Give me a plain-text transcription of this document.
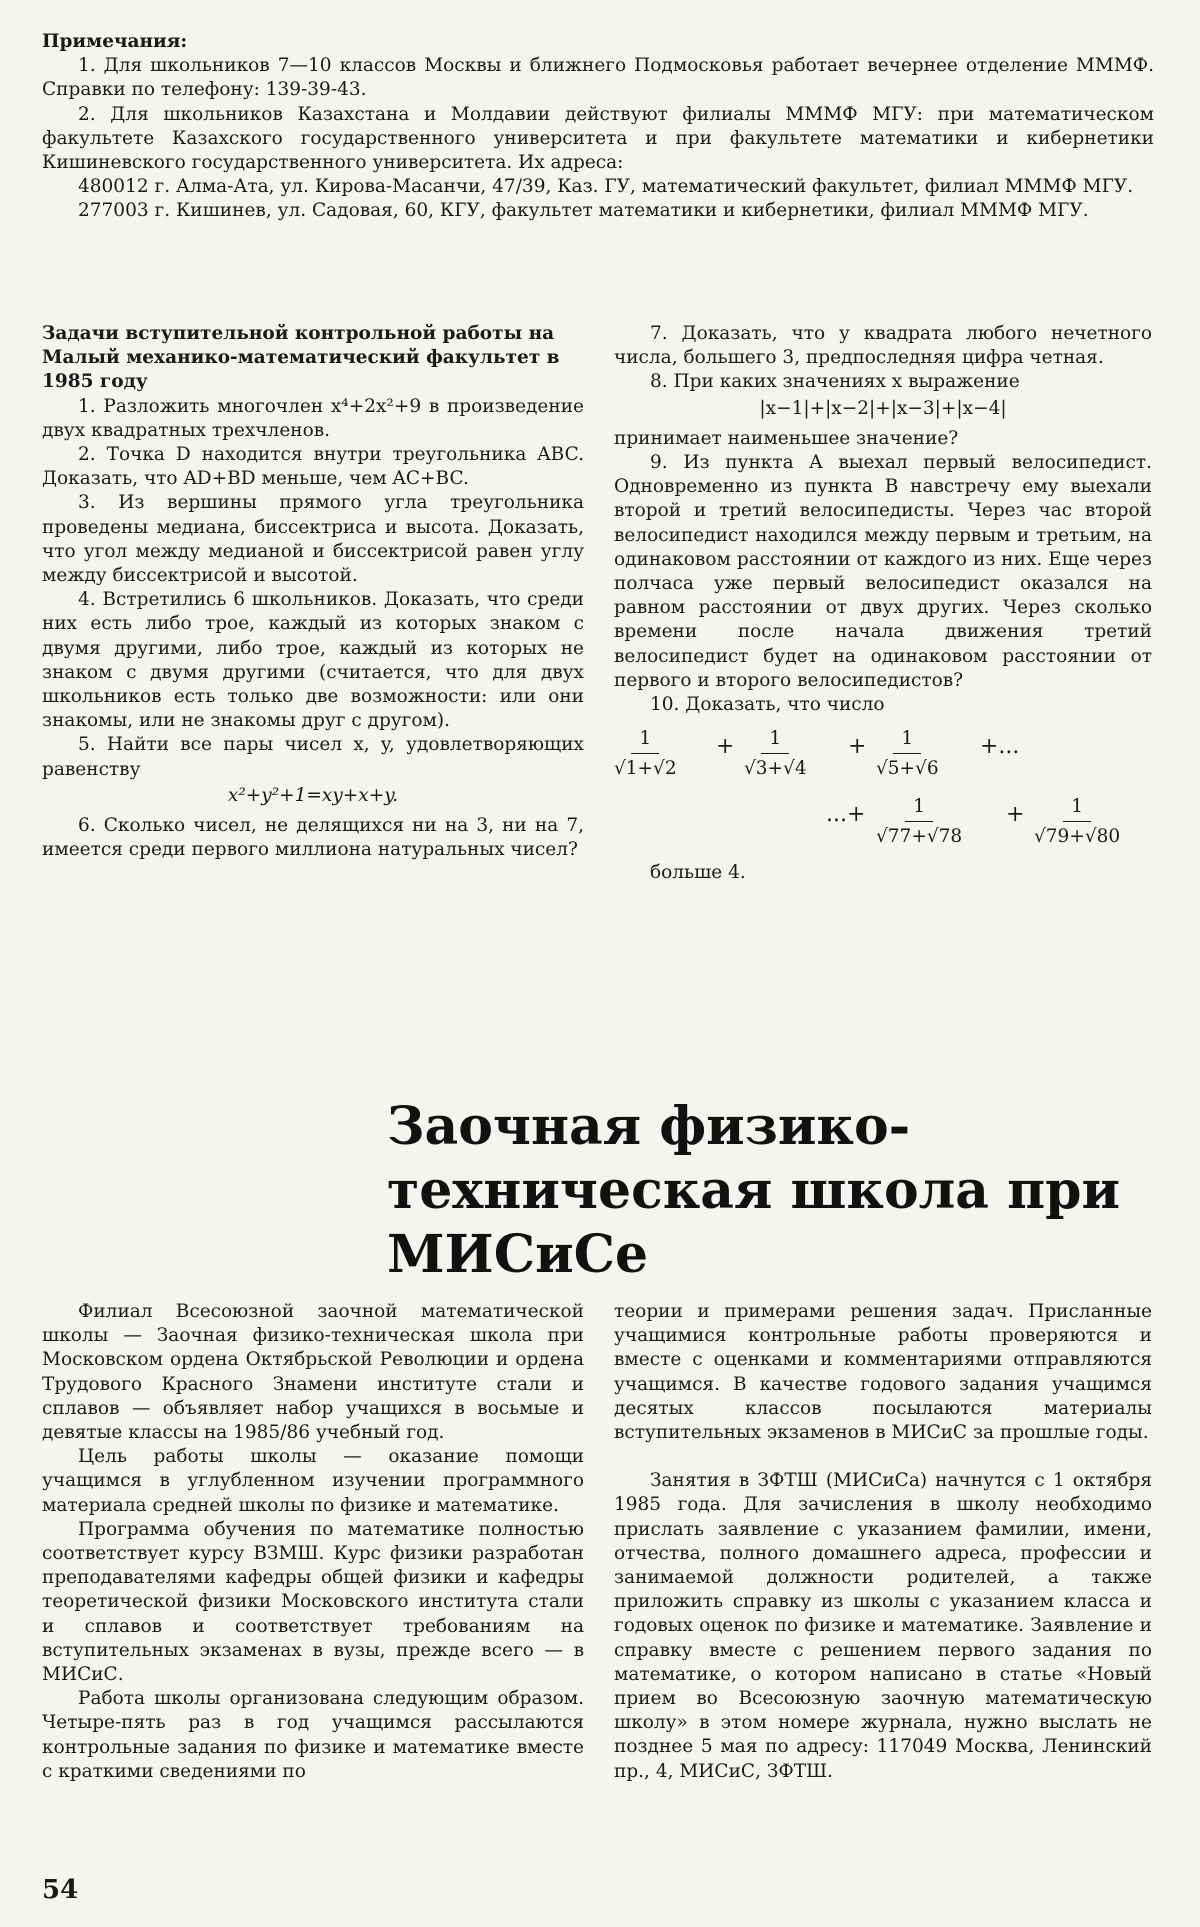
Примечания:

1. Для школьников 7—10 классов Москвы и ближнего Подмосковья работает вечернее отделение МММФ. Справки по телефону: 139-39-43.

2. Для школьников Казахстана и Молдавии действуют филиалы МММФ МГУ: при математическом факультете Казахского государственного университета и при факультете математики и кибернетики Кишиневского государственного университета. Их адреса:

480012 г. Алма-Ата, ул. Кирова-Масанчи, 47/39, Каз. ГУ, математический факультет, филиал МММФ МГУ.

277003 г. Кишинев, ул. Садовая, 60, КГУ, факультет математики и кибернетики, филиал МММФ МГУ.

Задачи вступительной контрольной работы на Малый механико-математический факультет в 1985 году

1. Разложить многочлен x⁴+2x²+9 в произведение двух квадратных трехчленов.

2. Точка D находится внутри треугольника ABC. Доказать, что AD+BD меньше, чем AC+BC.

3. Из вершины прямого угла треугольника проведены медиана, биссектриса и высота. Доказать, что угол между медианой и биссектрисой равен углу между биссектрисой и высотой.

4. Встретились 6 школьников. Доказать, что среди них есть либо трое, каждый из которых знаком с двумя другими, либо трое, каждый из которых не знаком с двумя другими (считается, что для двух школьников есть только две возможности: или они знакомы, или не знакомы друг с другом).

5. Найти все пары чисел x, y, удовлетворяющих равенству

x²+y²+1=xy+x+y.

6. Сколько чисел, не делящихся ни на 3, ни на 7, имеется среди первого миллиона натуральных чисел?

7. Доказать, что у квадрата любого нечетного числа, большего 3, предпоследняя цифра четная.

8. При каких значениях x выражение

|x−1|+|x−2|+|x−3|+|x−4|

принимает наименьшее значение?

9. Из пункта A выехал первый велосипедист. Одновременно из пункта B навстречу ему выехали второй и третий велосипедисты. Через час второй велосипедист находился между первым и третьим, на одинаковом расстоянии от каждого из них. Еще через полчаса уже первый велосипедист оказался на равном расстоянии от двух других. Через сколько времени после начала движения третий велосипедист будет на одинаковом расстоянии от первого и второго велосипедистов?

10. Доказать, что число

$\frac{1}{√1+√2} + \frac{1}{√3+√4} + \frac{1}{√5+√6}$ +...
...+ $\frac{1}{√77+√78} + \frac{1}{√79+√80}$

больше 4.

Заочная физико-техническая школа при МИСиСе

Филиал Всесоюзной заочной математической школы — Заочная физико-техническая школа при Московском ордена Октябрьской Революции и ордена Трудового Красного Знамени институте стали и сплавов — объявляет набор учащихся в восьмые и девятые классы на 1985/86 учебный год.

Цель работы школы — оказание помощи учащимся в углубленном изучении программного материала средней школы по физике и математике.

Программа обучения по математике полностью соответствует курсу ВЗМШ. Курс физики разработан преподавателями кафедры общей физики и кафедры теоретической физики Московского института стали и сплавов и соответствует требованиям на вступительных экзаменах в вузы, прежде всего — в МИСиС.

Работа школы организована следующим образом. Четыре-пять раз в год учащимся рассылаются контрольные задания по физике и математике вместе с краткими сведениями по

теории и примерами решения задач. Присланные учащимися контрольные работы проверяются и вместе с оценками и комментариями отправляются учащимся. В качестве годового задания учащимся десятых классов посылаются материалы вступительных экзаменов в МИСиС за прошлые годы.

Занятия в ЗФТШ (МИСиСа) начнутся с 1 октября 1985 года. Для зачисления в школу необходимо прислать заявление с указанием фамилии, имени, отчества, полного домашнего адреса, профессии и занимаемой должности родителей, а также приложить справку из школы с указанием класса и годовых оценок по физике и математике. Заявление и справку вместе с решением первого задания по математике, о котором написано в статье «Новый прием во Всесоюзную заочную математическую школу» в этом номере журнала, нужно выслать не позднее 5 мая по адресу: 117049 Москва, Ленинский пр., 4, МИСиС, ЗФТШ.

54
